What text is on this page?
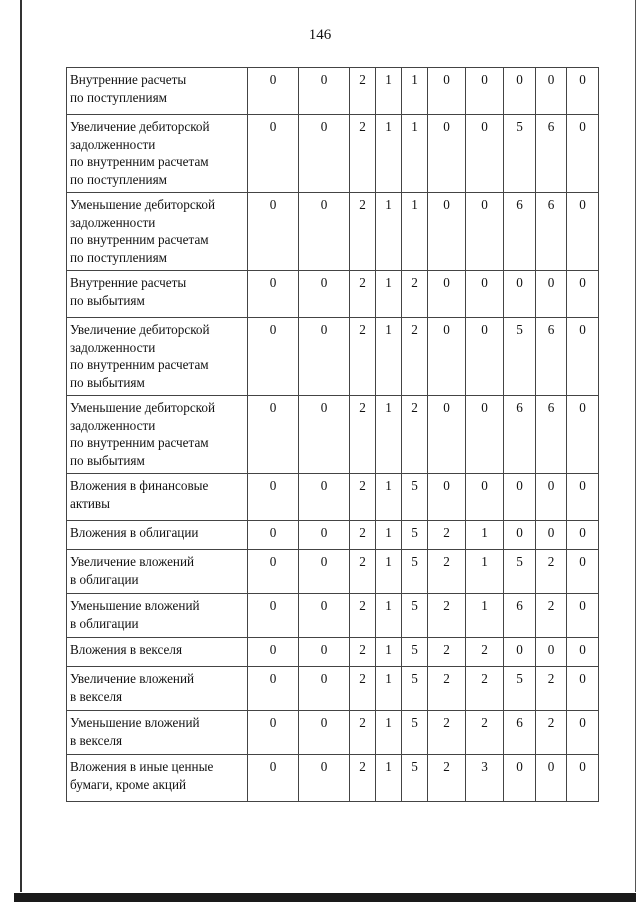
146
Внутренние расчеты
по поступлениям	0	0	2	1	1	0	0	0	0	0
Увеличение дебиторской
задолженности
по внутренним расчетам
по поступлениям	0	0	2	1	1	0	0	5	6	0
Уменьшение дебиторской
задолженности
по внутренним расчетам
по поступлениям	0	0	2	1	1	0	0	6	6	0
Внутренние расчеты
по выбытиям	0	0	2	1	2	0	0	0	0	0
Увеличение дебиторской
задолженности
по внутренним расчетам
по выбытиям	0	0	2	1	2	0	0	5	6	0
Уменьшение дебиторской
задолженности
по внутренним расчетам
по выбытиям	0	0	2	1	2	0	0	6	6	0
Вложения в финансовые
активы	0	0	2	1	5	0	0	0	0	0
Вложения в облигации	0	0	2	1	5	2	1	0	0	0
Увеличение вложений
в облигации	0	0	2	1	5	2	1	5	2	0
Уменьшение вложений
в облигации	0	0	2	1	5	2	1	6	2	0
Вложения в векселя	0	0	2	1	5	2	2	0	0	0
Увеличение вложений
в векселя	0	0	2	1	5	2	2	5	2	0
Уменьшение вложений
в векселя	0	0	2	1	5	2	2	6	2	0
Вложения в иные ценные
бумаги, кроме акций	0	0	2	1	5	2	3	0	0	0
